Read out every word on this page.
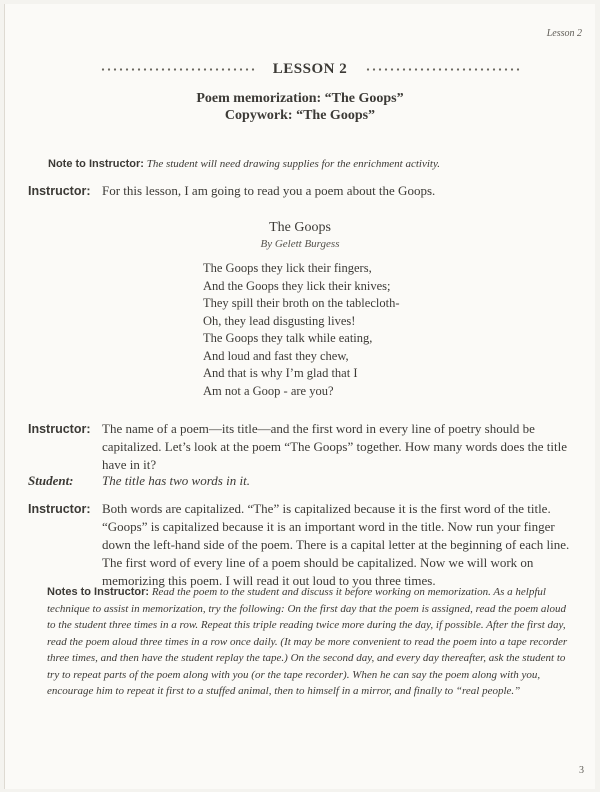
Lesson 2
LESSON 2
Poem memorization: “The Goops”
Copywork: “The Goops”
Note to Instructor: The student will need drawing supplies for the enrichment activity.
Instructor: For this lesson, I am going to read you a poem about the Goops.
The Goops
By Gelett Burgess
The Goops they lick their fingers,
And the Goops they lick their knives;
They spill their broth on the tablecloth-
Oh, they lead disgusting lives!
The Goops they talk while eating,
And loud and fast they chew,
And that is why I’m glad that I
Am not a Goop - are you?
Instructor: The name of a poem—its title—and the first word in every line of poetry should be capitalized. Let’s look at the poem “The Goops” together. How many words does the title have in it?
Student:	The title has two words in it.
Instructor: Both words are capitalized. “The” is capitalized because it is the first word of the title. “Goops” is capitalized because it is an important word in the title. Now run your finger down the left-hand side of the poem. There is a capital letter at the beginning of each line. The first word of every line of a poem should be capitalized. Now we will work on memorizing this poem. I will read it out loud to you three times.
Notes to Instructor: Read the poem to the student and discuss it before working on memorization. As a helpful technique to assist in memorization, try the following: On the first day that the poem is assigned, read the poem aloud to the student three times in a row. Repeat this triple reading twice more during the day, if possible. After the first day, read the poem aloud three times in a row once daily. (It may be more convenient to read the poem into a tape recorder three times, and then have the student replay the tape.) On the second day, and every day thereafter, ask the student to try to repeat parts of the poem along with you (or the tape recorder). When he can say the poem along with you, encourage him to repeat it first to a stuffed animal, then to himself in a mirror, and finally to “real people.”
3
